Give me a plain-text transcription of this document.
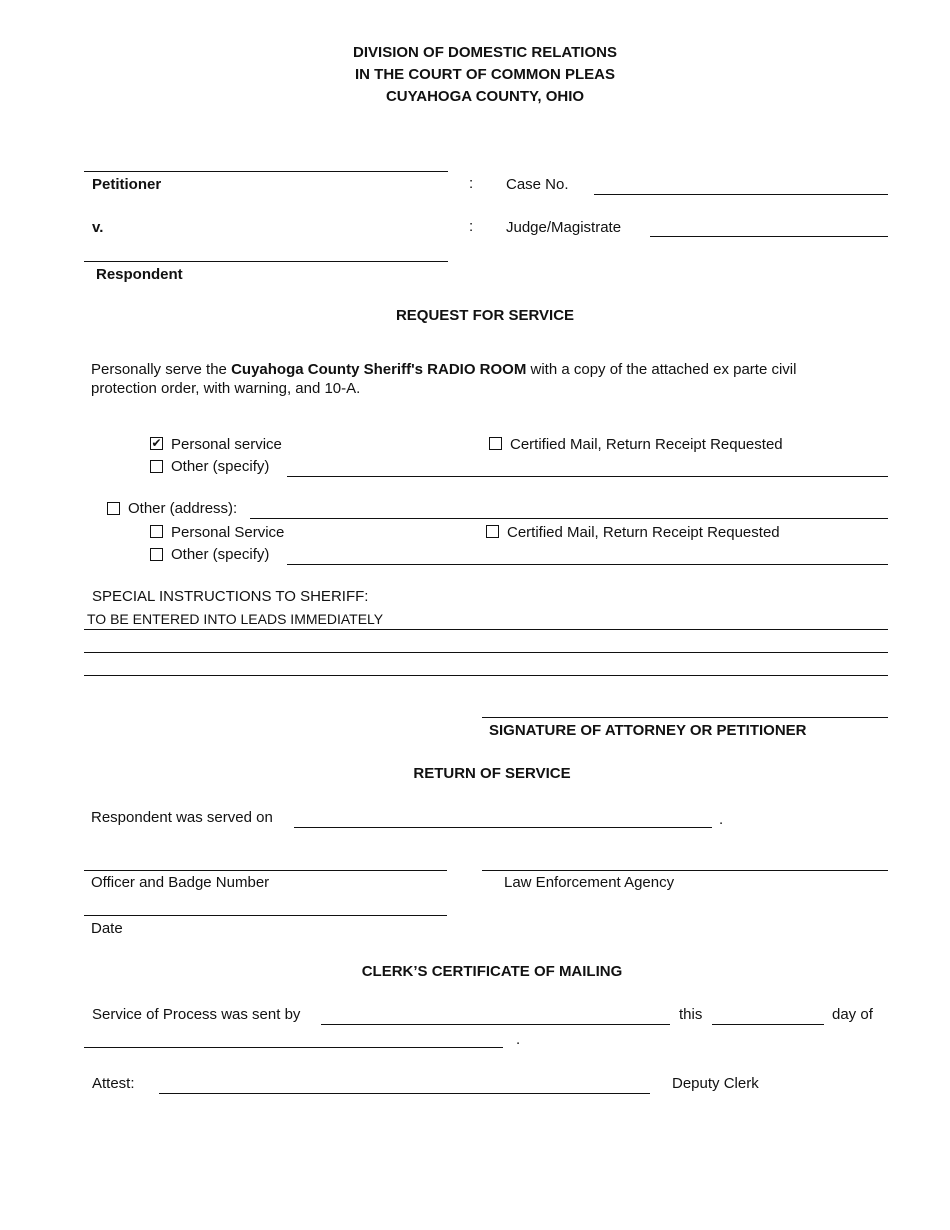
DIVISION OF DOMESTIC RELATIONS
IN THE COURT OF COMMON PLEAS
CUYAHOGA COUNTY, OHIO
Petitioner	: Case No.
v.	: Judge/Magistrate
Respondent
REQUEST FOR SERVICE
Personally serve the Cuyahoga County Sheriff's RADIO ROOM with a copy of the attached ex parte civil
protection order, with warning, and 10-A.
✔ Personal service	Certified Mail, Return Receipt Requested
Other (specify)
Other (address):
Personal Service	Certified Mail, Return Receipt Requested
Other (specify)
SPECIAL INSTRUCTIONS TO SHERIFF:
TO BE ENTERED INTO LEADS IMMEDIATELY
SIGNATURE OF ATTORNEY OR PETITIONER
RETURN OF SERVICE
Respondent was served on	.
Officer and Badge Number	Law Enforcement Agency
Date
CLERK’S CERTIFICATE OF MAILING
Service of Process was sent by	this	day of
.
Attest:	Deputy Clerk
